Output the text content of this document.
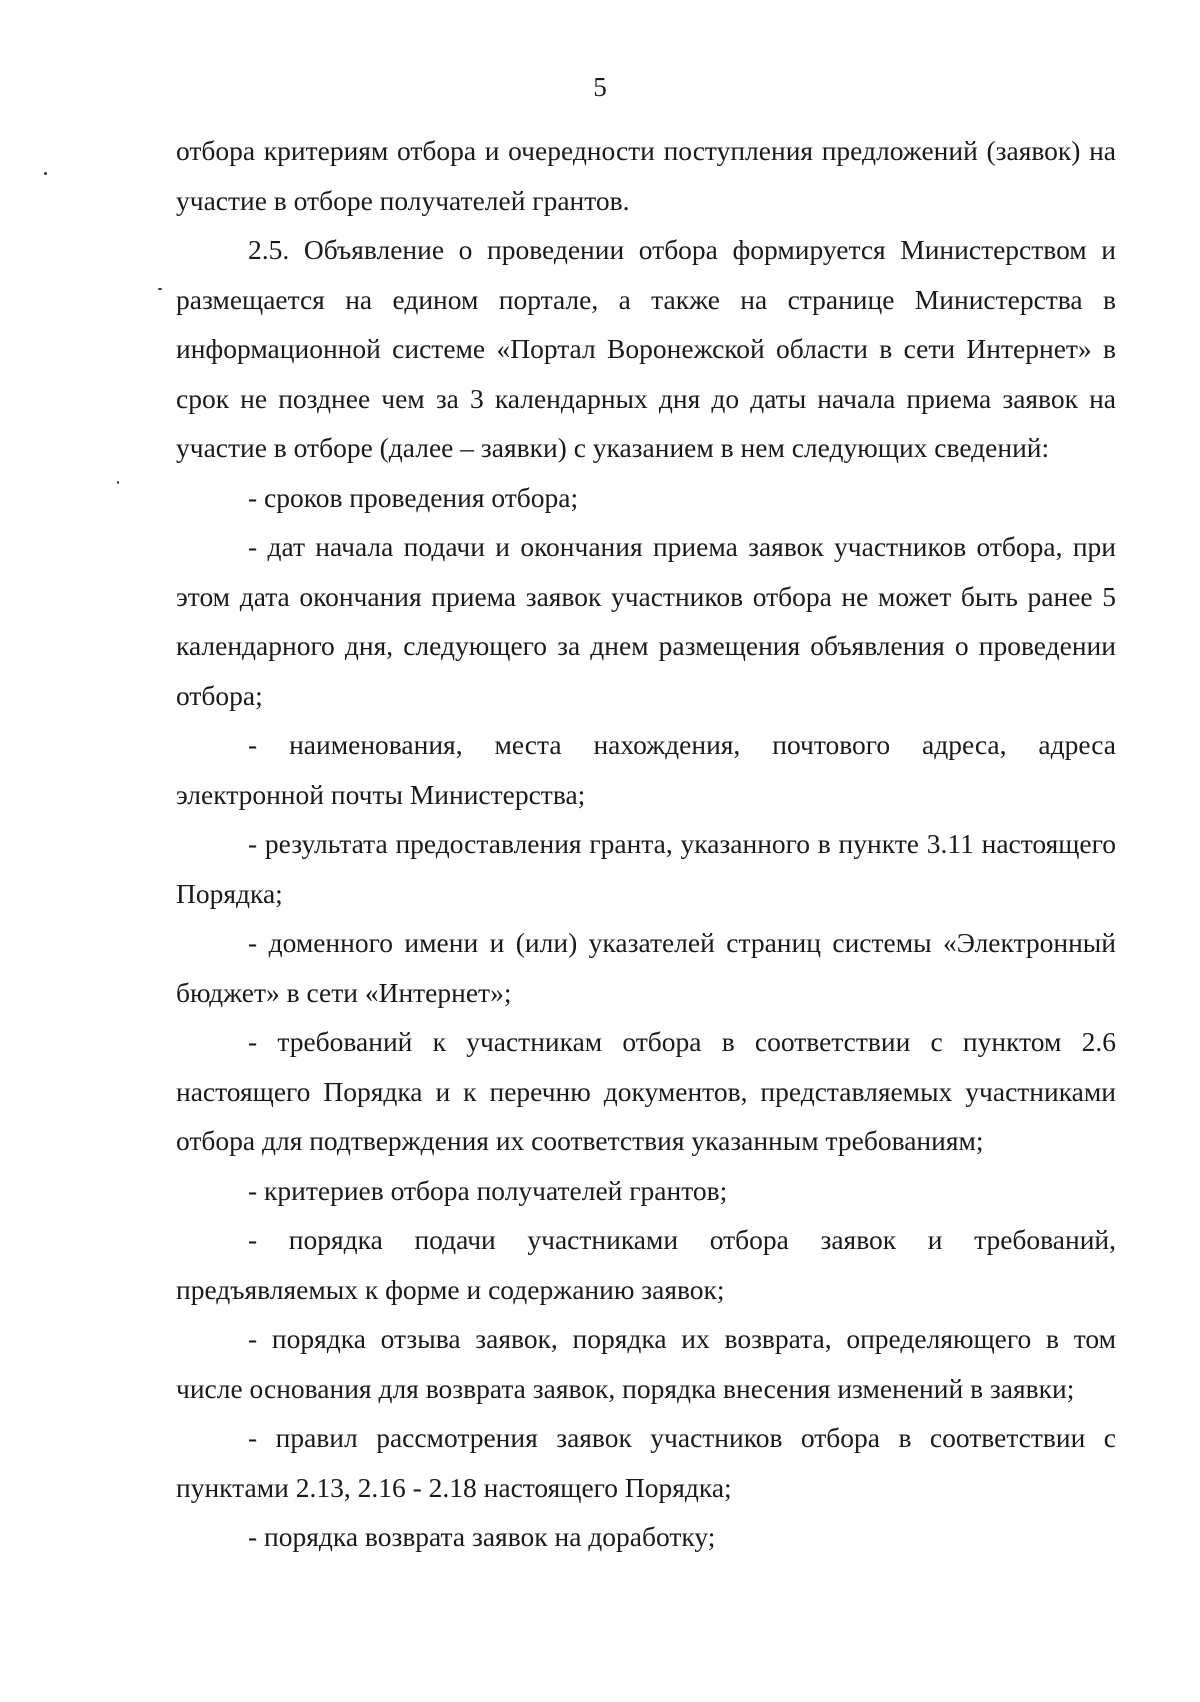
5

отбора критериям отбора и очередности поступления предложений (заявок) на участие в отборе получателей грантов.

2.5. Объявление о проведении отбора формируется Министерством и размещается на едином портале, а также на странице Министерства в информационной системе «Портал Воронежской области в сети Интернет» в срок не позднее чем за 3 календарных дня до даты начала приема заявок на участие в отборе (далее – заявки) с указанием в нем следующих сведений:

- сроков проведения отбора;

- дат начала подачи и окончания приема заявок участников отбора, при этом дата окончания приема заявок участников отбора не может быть ранее 5 календарного дня, следующего за днем размещения объявления о проведении отбора;

- наименования, места нахождения, почтового адреса, адреса электронной почты Министерства;

- результата предоставления гранта, указанного в пункте 3.11 настоящего Порядка;

- доменного имени и (или) указателей страниц системы «Электронный бюджет» в сети «Интернет»;

- требований к участникам отбора в соответствии с пунктом 2.6 настоящего Порядка и к перечню документов, представляемых участниками отбора для подтверждения их соответствия указанным требованиям;

- критериев отбора получателей грантов;

- порядка подачи участниками отбора заявок и требований, предъявляемых к форме и содержанию заявок;

- порядка отзыва заявок, порядка их возврата, определяющего в том числе основания для возврата заявок, порядка внесения изменений в заявки;

- правил рассмотрения заявок участников отбора в соответствии с пунктами 2.13, 2.16 - 2.18 настоящего Порядка;

- порядка возврата заявок на доработку;
